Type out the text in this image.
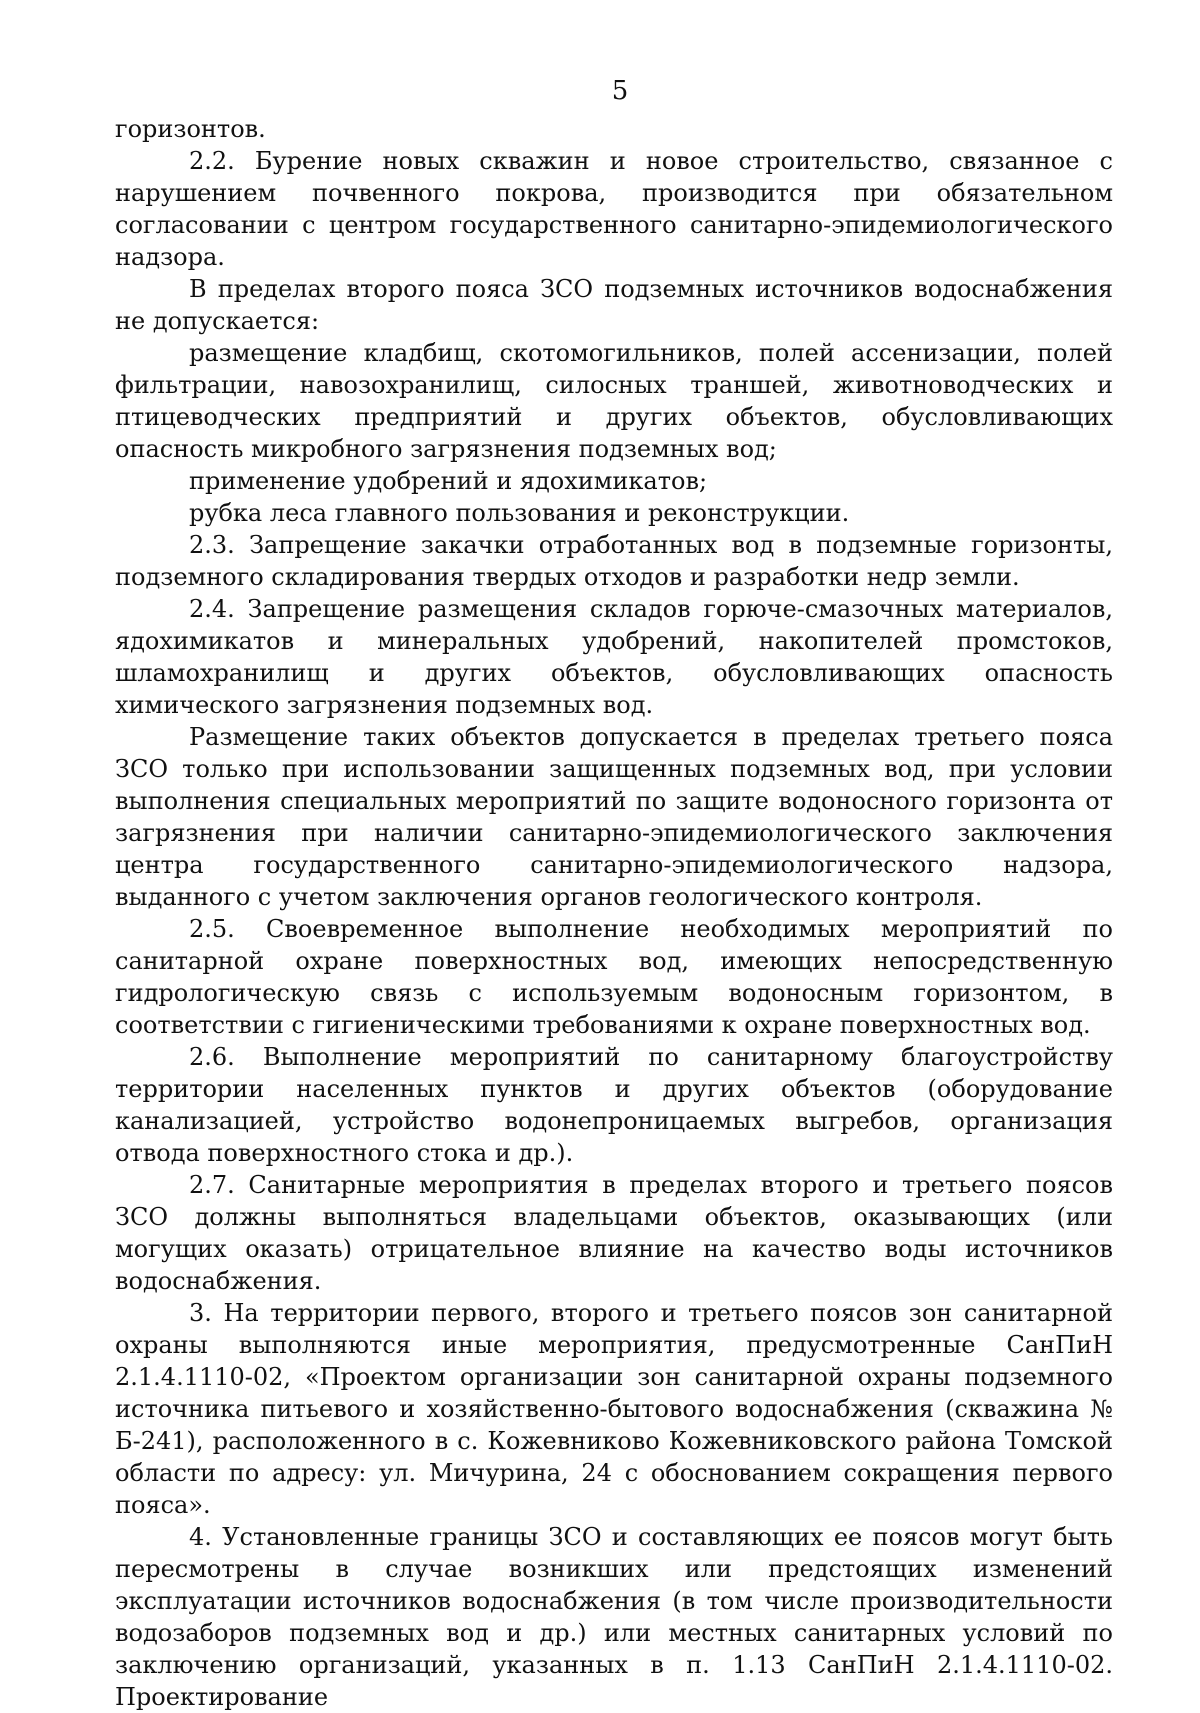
5

горизонтов.

2.2. Бурение новых скважин и новое строительство, связанное с нарушением почвенного покрова, производится при обязательном согласовании с центром государственного санитарно-эпидемиологического надзора.

В пределах второго пояса ЗСО подземных источников водоснабжения не допускается:

размещение кладбищ, скотомогильников, полей ассенизации, полей фильтрации, навозохранилищ, силосных траншей, животноводческих и птицеводческих предприятий и других объектов, обусловливающих опасность микробного загрязнения подземных вод;

применение удобрений и ядохимикатов;

рубка леса главного пользования и реконструкции.

2.3. Запрещение закачки отработанных вод в подземные горизонты, подземного складирования твердых отходов и разработки недр земли.

2.4. Запрещение размещения складов горюче-смазочных материалов, ядохимикатов и минеральных удобрений, накопителей промстоков, шламохранилищ и других объектов, обусловливающих опасность химического загрязнения подземных вод.

Размещение таких объектов допускается в пределах третьего пояса ЗСО только при использовании защищенных подземных вод, при условии выполнения специальных мероприятий по защите водоносного горизонта от загрязнения при наличии санитарно-эпидемиологического заключения центра государственного санитарно-эпидемиологического надзора, выданного с учетом заключения органов геологического контроля.

2.5. Своевременное выполнение необходимых мероприятий по санитарной охране поверхностных вод, имеющих непосредственную гидрологическую связь с используемым водоносным горизонтом, в соответствии с гигиеническими требованиями к охране поверхностных вод.

2.6. Выполнение мероприятий по санитарному благоустройству территории населенных пунктов и других объектов (оборудование канализацией, устройство водонепроницаемых выгребов, организация отвода поверхностного стока и др.).

2.7. Санитарные мероприятия в пределах второго и третьего поясов ЗСО должны выполняться владельцами объектов, оказывающих (или могущих оказать) отрицательное влияние на качество воды источников водоснабжения.

3. На территории первого, второго и третьего поясов зон санитарной охраны выполняются иные мероприятия, предусмотренные СанПиН 2.1.4.1110-02, «Проектом организации зон санитарной охраны подземного источника питьевого и хозяйственно-бытового водоснабжения (скважина № Б-241), расположенного в с. Кожевниково Кожевниковского района Томской области по адресу: ул. Мичурина, 24 с обоснованием сокращения первого пояса».

4. Установленные границы ЗСО и составляющих ее поясов могут быть пересмотрены в случае возникших или предстоящих изменений эксплуатации источников водоснабжения (в том числе производительности водозаборов подземных вод и др.) или местных санитарных условий по заключению организаций, указанных в п. 1.13 СанПиН 2.1.4.1110-02. Проектирование
